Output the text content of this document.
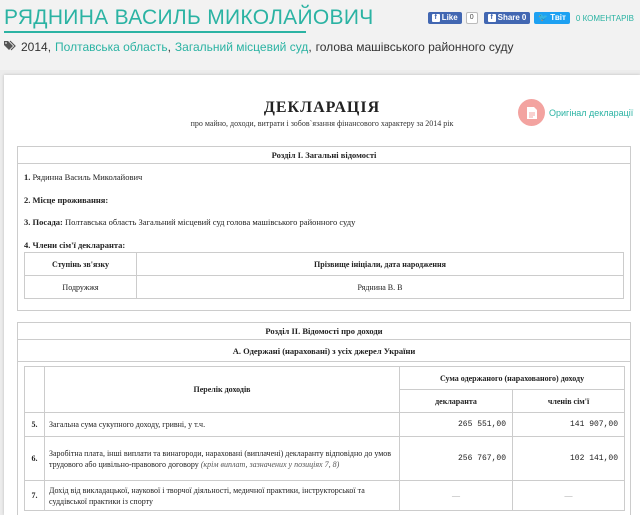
РЯДНИНА ВАСИЛЬ МИКОЛАЙОВИЧ	f Like	0	f Share 0 🐦 Твіт 0 КОМЕНТАРІВ
2014, Полтавська область, Загальний місцевий суд, голова машівського районного суду
ДЕКЛАРАЦІЯ
про майно, доходи, витрати і зобов`язання фінансового характеру за 2014 рік
Оригінал декларації
Розділ І. Загальні відомості
1. Рядинна Василь Миколайович
2. Місце проживання:
3. Посада: Полтавська область Загальний місцевий суд голова машівського районного суду
4. Члени сім'ї декларанта:
Ступінь зв'язку	Прізвище ініціали, дата народження
Подружжя	Ряднина В. В
Розділ ІІ. Відомості про доходи
А. Одержані (нараховані) з усіх джерел України
	Перелік доходів	Сума одержаного (нарахованого) доходу	
		декларанта	членів сім'ї
5.	Загальна сума сукупного доходу, гривні, у т.ч.	265 551,00	141 907,00
6.	Заробітна плата, інші виплати та винагороди, нараховані (виплачені) декларанту відповідно до умов трудового або цивільно-правового договору (крім виплат, зазначених у позиціях 7, 8)	256 767,00	102 141,00
7.	Дохід від викладацької, наукової і творчої діяльності, медичної практики, інструкторської та суддівської практики із спорту	—	—
